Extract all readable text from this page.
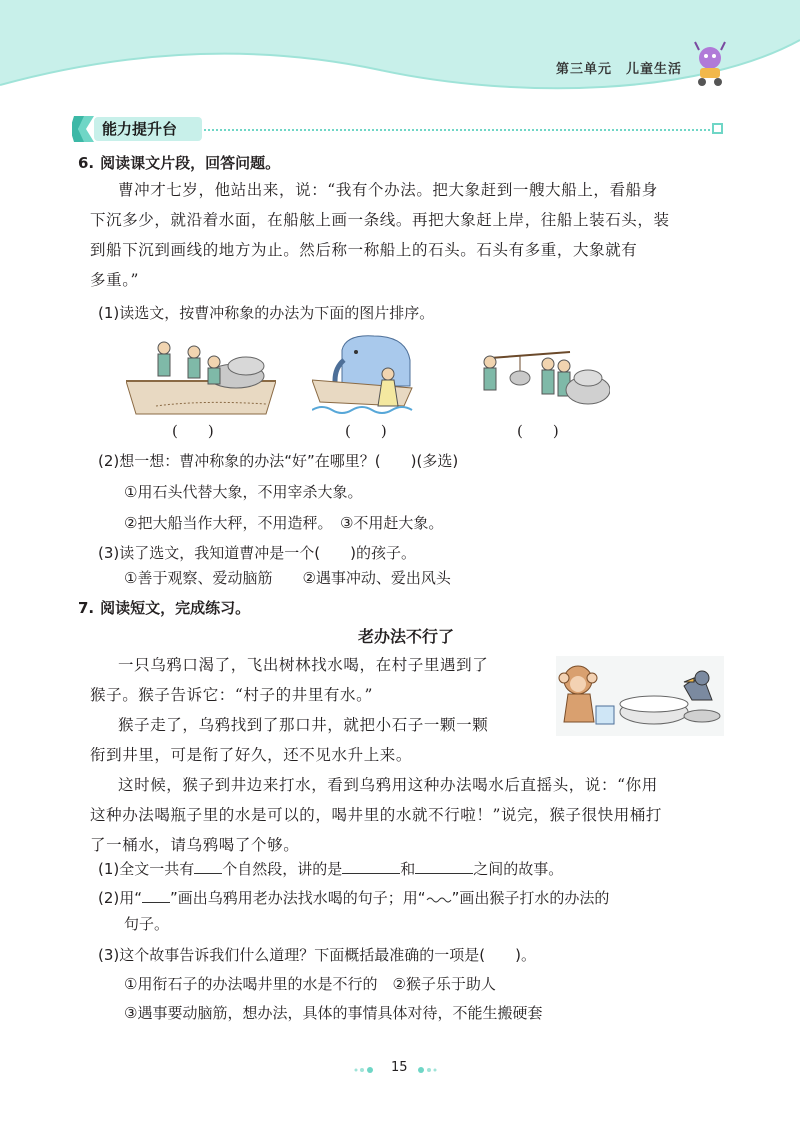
第三单元　儿童生活
能力提升台
6. 阅读课文片段，回答问题。
曹冲才七岁，他站出来，说：“我有个办法。把大象赶到一艘大船上，看船身
下沉多少，就沿着水面，在船舷上画一条线。再把大象赶上岸，往船上装石头，装
到船下沉到画线的地方为止。然后称一称船上的石头。石头有多重，大象就有
多重。”
(1)读选文，按曹冲称象的办法为下面的图片排序。
(　　)	(　　)	(　　)
(2)想一想：曹冲称象的办法“好”在哪里？(　　)(多选)
①用石头代替大象，不用宰杀大象。
②把大船当作大秤，不用造秤。　③不用赶大象。
(3)读了选文，我知道曹冲是一个(　　)的孩子。
①善于观察、爱动脑筋　　②遇事冲动、爱出风头
7. 阅读短文，完成练习。
老办法不行了
一只乌鸦口渴了，飞出树林找水喝，在村子里遇到了
猴子。猴子告诉它：“村子的井里有水。”
猴子走了，乌鸦找到了那口井，就把小石子一颗一颗
衔到井里，可是衔了好久，还不见水升上来。
这时候，猴子到井边来打水，看到乌鸦用这种办法喝水后直摇头，说：“你用
这种办法喝瓶子里的水是可以的，喝井里的水就不行啦！”说完，猴子很快用桶打
了一桶水，请乌鸦喝了个够。
(1)全文一共有 个自然段，讲的是	和	之间的故事。
(2)用“ ”画出乌鸦用老办法找水喝的句子；用“ ”画出猴子打水的办法的
句子。
(3)这个故事告诉我们什么道理？下面概括最准确的一项是(　　)。
①用衔石子的办法喝井里的水是不行的　②猴子乐于助人
③遇事要动脑筋，想办法，具体的事情具体对待，不能生搬硬套
15
